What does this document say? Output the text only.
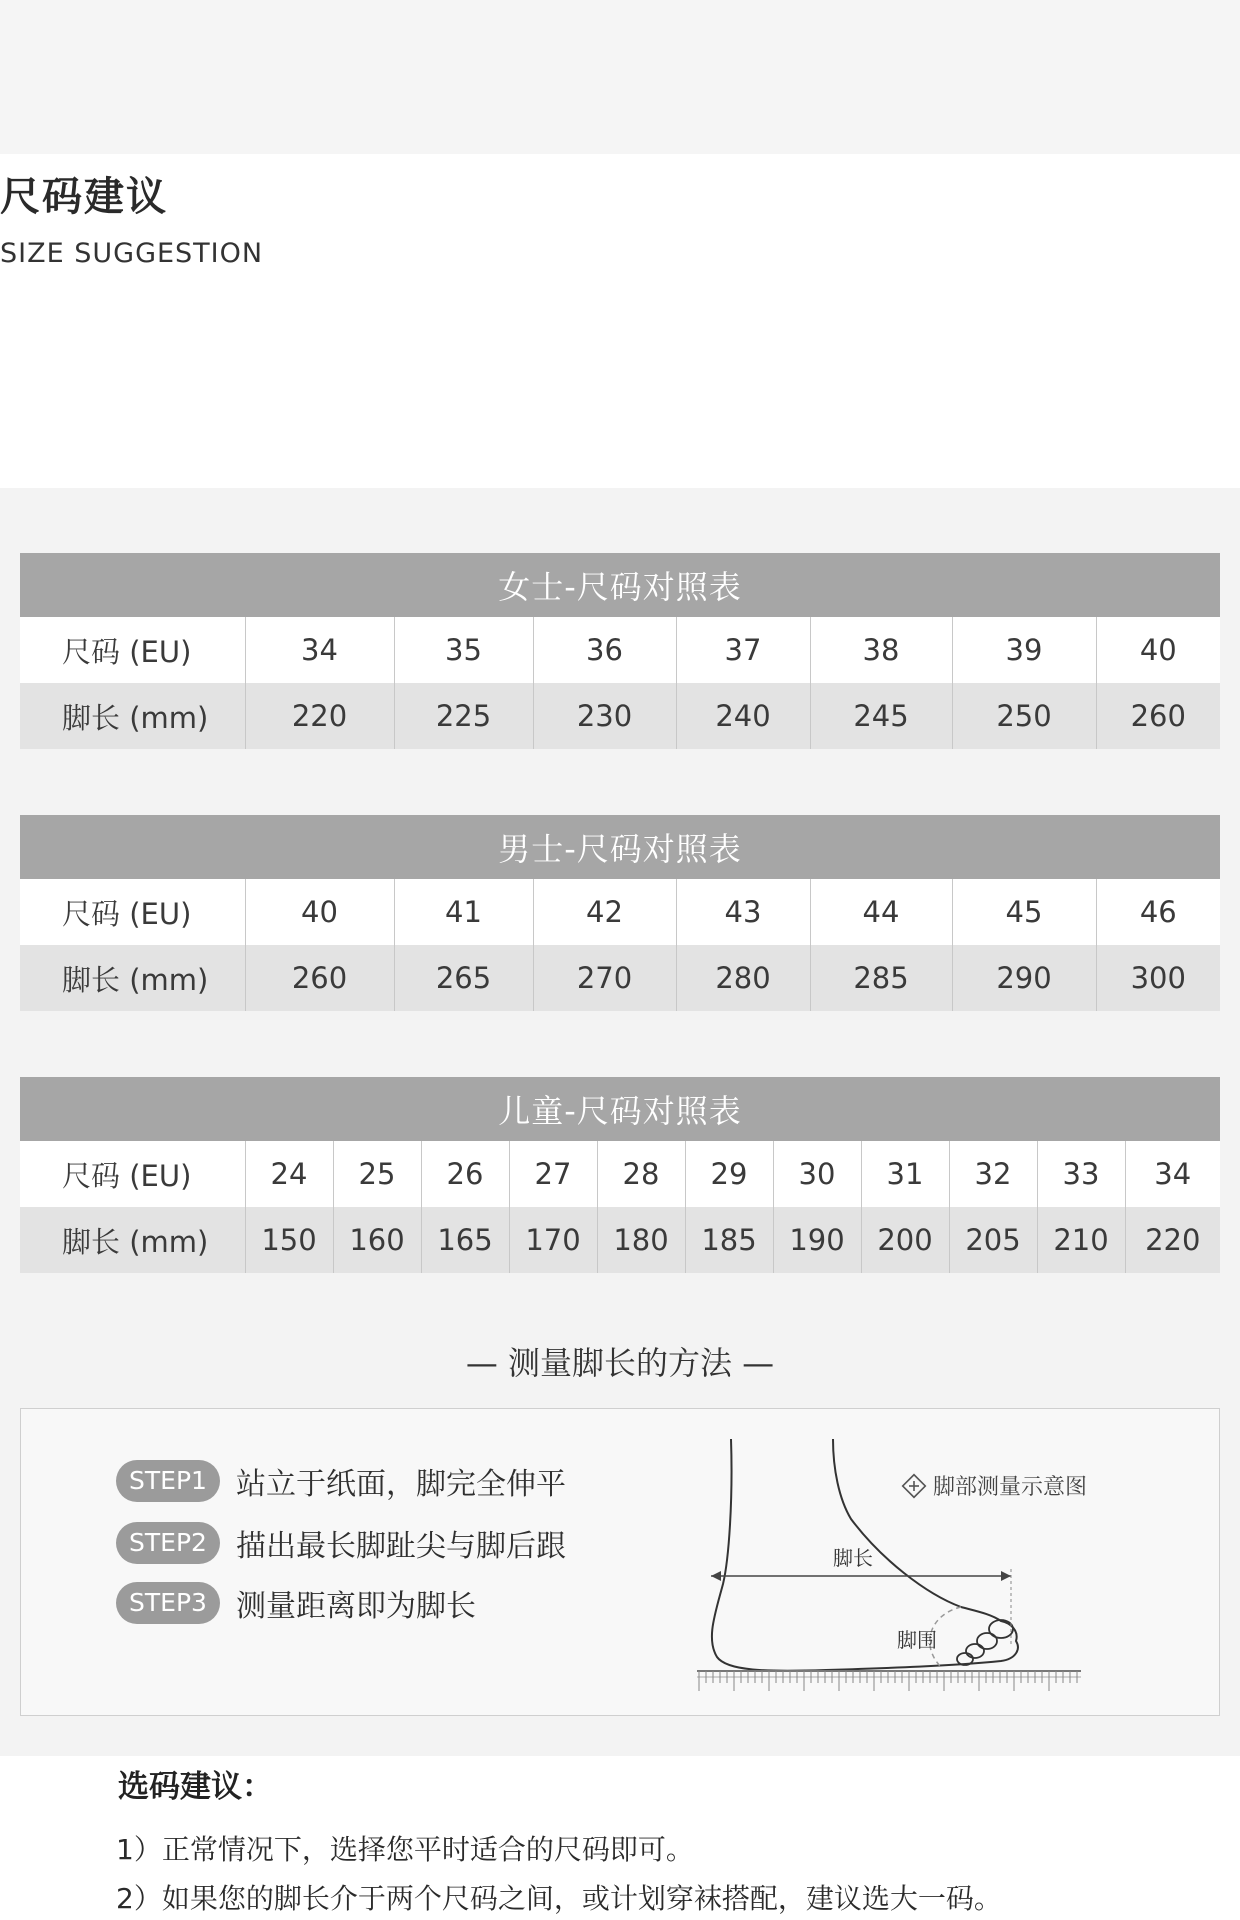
尺码建议
SIZE SUGGESTION
女士-尺码对照表							
尺码 (EU)	34	35	36	37	38	39	40
脚长 (mm)	220	225	230	240	245	250	260
男士-尺码对照表							
尺码 (EU)	40	41	42	43	44	45	46
脚长 (mm)	260	265	270	280	285	290	300
儿童-尺码对照表											
尺码 (EU)	24	25	26	27	28	29	30	31	32	33	34
脚长 (mm)	150	160	165	170	180	185	190	200	205	210	220
— 测量脚长的方法 —
STEP1 站立于纸面，脚完全伸平
STEP2 描出最长脚趾尖与脚后跟
STEP3 测量距离即为脚长
脚部测量示意图
脚长
脚围
选码建议：
1）正常情况下，选择您平时适合的尺码即可。
2）如果您的脚长介于两个尺码之间，或计划穿袜搭配，建议选大一码。
